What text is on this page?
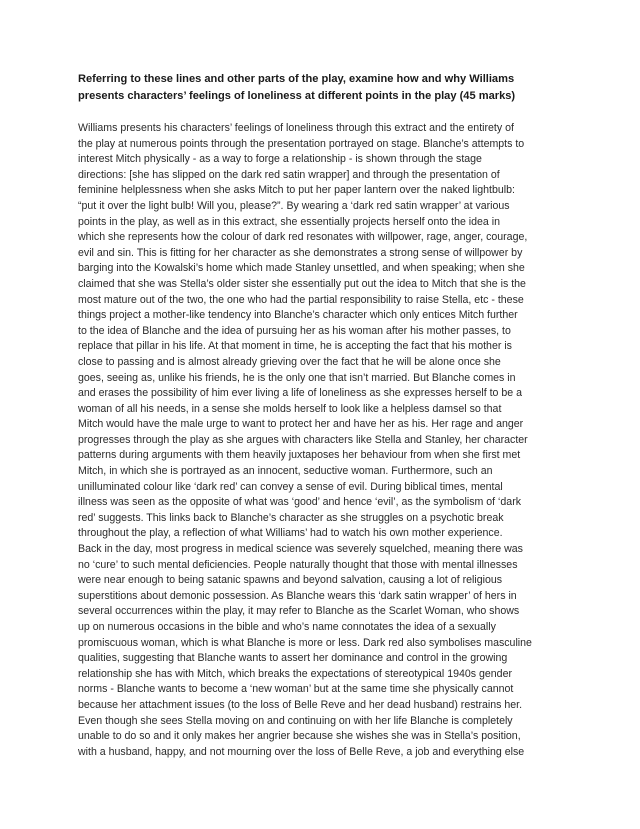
Referring to these lines and other parts of the play, examine how and why Williams
presents characters’ feelings of loneliness at different points in the play (45 marks)
Williams presents his characters’ feelings of loneliness through this extract and the entirety of
the play at numerous points through the presentation portrayed on stage. Blanche’s attempts to
interest Mitch physically - as a way to forge a relationship - is shown through the stage
directions: [she has slipped on the dark red satin wrapper] and through the presentation of
feminine helplessness when she asks Mitch to put her paper lantern over the naked lightbulb:
“put it over the light bulb! Will you, please?”. By wearing a ‘dark red satin wrapper’ at various
points in the play, as well as in this extract, she essentially projects herself onto the idea in
which she represents how the colour of dark red resonates with willpower, rage, anger, courage,
evil and sin. This is fitting for her character as she demonstrates a strong sense of willpower by
barging into the Kowalski’s home which made Stanley unsettled, and when speaking; when she
claimed that she was Stella’s older sister she essentially put out the idea to Mitch that she is the
most mature out of the two, the one who had the partial responsibility to raise Stella, etc - these
things project a mother-like tendency into Blanche’s character which only entices Mitch further
to the idea of Blanche and the idea of pursuing her as his woman after his mother passes, to
replace that pillar in his life. At that moment in time, he is accepting the fact that his mother is
close to passing and is almost already grieving over the fact that he will be alone once she
goes, seeing as, unlike his friends, he is the only one that isn’t married. But Blanche comes in
and erases the possibility of him ever living a life of loneliness as she expresses herself to be a
woman of all his needs, in a sense she molds herself to look like a helpless damsel so that
Mitch would have the male urge to want to protect her and have her as his. Her rage and anger
progresses through the play as she argues with characters like Stella and Stanley, her character
patterns during arguments with them heavily juxtaposes her behaviour from when she first met
Mitch, in which she is portrayed as an innocent, seductive woman. Furthermore, such an
unilluminated colour like ‘dark red’ can convey a sense of evil. During biblical times, mental
illness was seen as the opposite of what was ‘good’ and hence ‘evil’, as the symbolism of ‘dark
red’ suggests. This links back to Blanche’s character as she struggles on a psychotic break
throughout the play, a reflection of what Williams’ had to watch his own mother experience.
Back in the day, most progress in medical science was severely squelched, meaning there was
no ‘cure’ to such mental deficiencies. People naturally thought that those with mental illnesses
were near enough to being satanic spawns and beyond salvation, causing a lot of religious
superstitions about demonic possession. As Blanche wears this ‘dark satin wrapper’ of hers in
several occurrences within the play, it may refer to Blanche as the Scarlet Woman, who shows
up on numerous occasions in the bible and who’s name connotates the idea of a sexually
promiscuous woman, which is what Blanche is more or less. Dark red also symbolises masculine
qualities, suggesting that Blanche wants to assert her dominance and control in the growing
relationship she has with Mitch, which breaks the expectations of stereotypical 1940s gender
norms - Blanche wants to become a ‘new woman’ but at the same time she physically cannot
because her attachment issues (to the loss of Belle Reve and her dead husband) restrains her.
Even though she sees Stella moving on and continuing on with her life Blanche is completely
unable to do so and it only makes her angrier because she wishes she was in Stella’s position,
with a husband, happy, and not mourning over the loss of Belle Reve, a job and everything else
